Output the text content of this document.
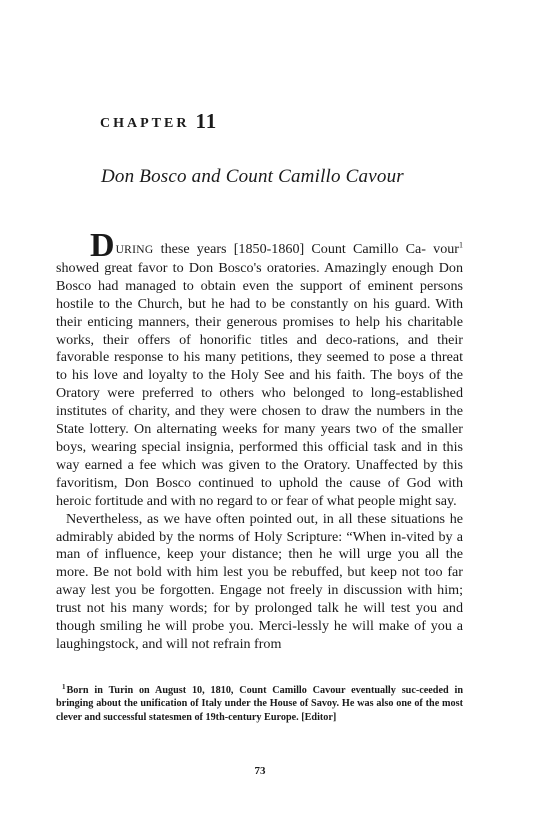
CHAPTER 11
Don Bosco and Count Camillo Cavour

DURING these years [1850-1860] Count Camillo Ca- vour$^1$ showed great favor to Don Bosco's oratories. Amazingly enough Don Bosco had managed to obtain even the support of eminent persons hostile to the Church, but he had to be constantly on his guard. With their enticing manners, their generous promises to help his charitable works, their offers of honorific titles and deco-rations, and their favorable response to his many petitions, they seemed to pose a threat to his love and loyalty to the Holy See and his faith. The boys of the Oratory were preferred to others who belonged to long-established institutes of charity, and they were chosen to draw the numbers in the State lottery. On alternating weeks for many years two of the smaller boys, wearing special insignia, performed this official task and in this way earned a fee which was given to the Oratory. Unaffected by this favoritism, Don Bosco continued to uphold the cause of God with heroic fortitude and with no regard to or fear of what people might say.

Nevertheless, as we have often pointed out, in all these situations he admirably abided by the norms of Holy Scripture: “When in-vited by a man of influence, keep your distance; then he will urge you all the more. Be not bold with him lest you be rebuffed, but keep not too far away lest you be forgotten. Engage not freely in discussion with him; trust not his many words; for by prolonged talk he will test you and though smiling he will probe you. Merci-lessly he will make of you a laughingstock, and will not refrain from

$^1$Born in Turin on August 10, 1810, Count Camillo Cavour eventually suc-ceeded in bringing about the unification of Italy under the House of Savoy. He was also one of the most clever and successful statesmen of 19th-century Europe. [Editor]
73
